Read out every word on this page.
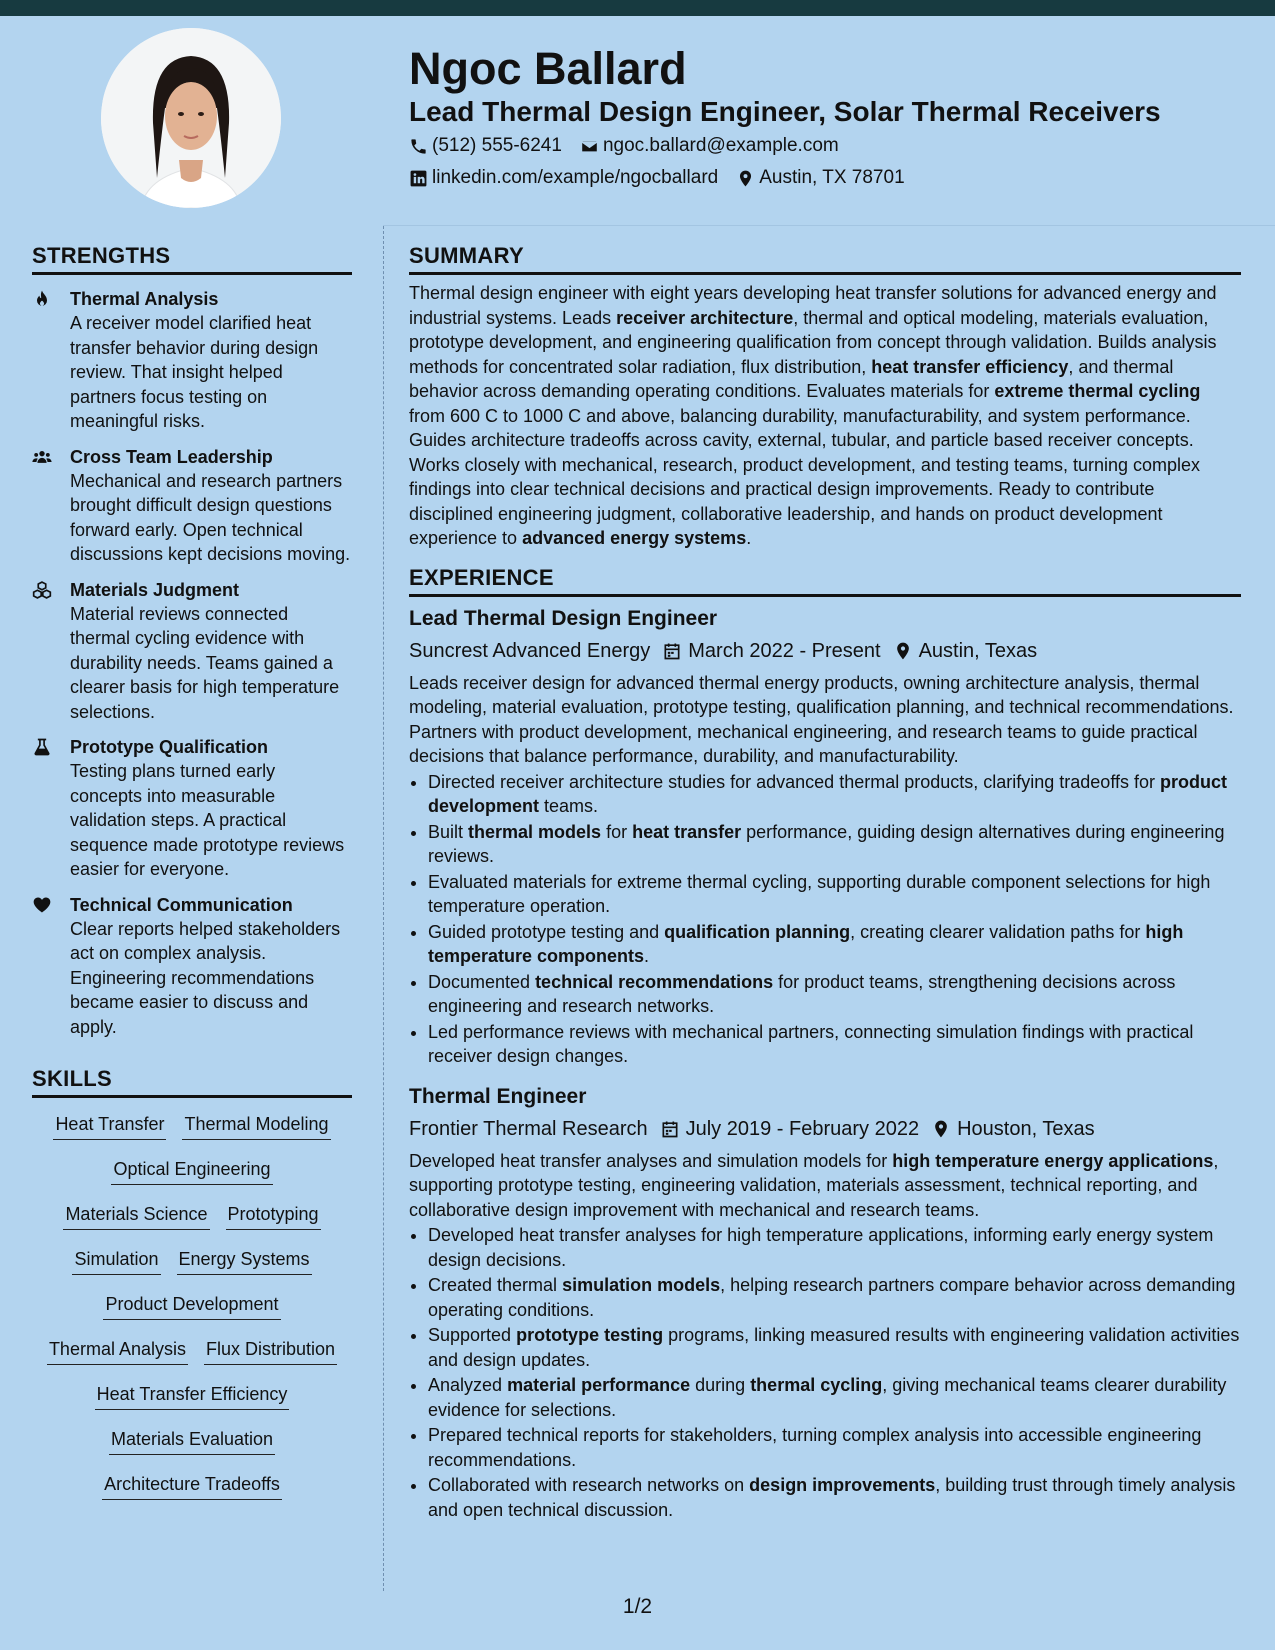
Ngoc Ballard
Lead Thermal Design Engineer, Solar Thermal Receivers
(512) 555-6241 ngoc.ballard@example.com
linkedin.com/example/ngocballard Austin, TX 78701
STRENGTHS
Thermal Analysis
A receiver model clarified heat transfer behavior during design review. That insight helped partners focus testing on meaningful risks.
Cross Team Leadership
Mechanical and research partners brought difficult design questions forward early. Open technical discussions kept decisions moving.
Materials Judgment
Material reviews connected thermal cycling evidence with durability needs. Teams gained a clearer basis for high temperature selections.
Prototype Qualification
Testing plans turned early concepts into measurable validation steps. A practical sequence made prototype reviews easier for everyone.
Technical Communication
Clear reports helped stakeholders act on complex analysis. Engineering recommendations became easier to discuss and apply.
SKILLS
Heat Transfer Thermal Modeling
Optical Engineering
Materials Science Prototyping
Simulation Energy Systems
Product Development
Thermal Analysis Flux Distribution
Heat Transfer Efficiency
Materials Evaluation
Architecture Tradeoffs
SUMMARY

Thermal design engineer with eight years developing heat transfer solutions for advanced energy and industrial systems. Leads receiver architecture, thermal and optical modeling, materials evaluation, prototype development, and engineering qualification from concept through validation. Builds analysis methods for concentrated solar radiation, flux distribution, heat transfer efficiency, and thermal behavior across demanding operating conditions. Evaluates materials for extreme thermal cycling from 600 C to 1000 C and above, balancing durability, manufacturability, and system performance. Guides architecture tradeoffs across cavity, external, tubular, and particle based receiver concepts. Works closely with mechanical, research, product development, and testing teams, turning complex findings into clear technical decisions and practical design improvements. Ready to contribute disciplined engineering judgment, collaborative leadership, and hands on product development experience to advanced energy systems.

EXPERIENCE
Lead Thermal Design Engineer
Suncrest Advanced Energy March 2022 - Present Austin, Texas

Leads receiver design for advanced thermal energy products, owning architecture analysis, thermal modeling, material evaluation, prototype testing, qualification planning, and technical recommendations. Partners with product development, mechanical engineering, and research teams to guide practical decisions that balance performance, durability, and manufacturability.

• Directed receiver architecture studies for advanced thermal products, clarifying tradeoffs for product development teams.
• Built thermal models for heat transfer performance, guiding design alternatives during engineering reviews.
• Evaluated materials for extreme thermal cycling, supporting durable component selections for high temperature operation.
• Guided prototype testing and qualification planning, creating clearer validation paths for high temperature components.
• Documented technical recommendations for product teams, strengthening decisions across engineering and research networks.
• Led performance reviews with mechanical partners, connecting simulation findings with practical receiver design changes.
Thermal Engineer
Frontier Thermal Research July 2019 - February 2022 Houston, Texas

Developed heat transfer analyses and simulation models for high temperature energy applications, supporting prototype testing, engineering validation, materials assessment, technical reporting, and collaborative design improvement with mechanical and research teams.

• Developed heat transfer analyses for high temperature applications, informing early energy system design decisions.
• Created thermal simulation models, helping research partners compare behavior across demanding operating conditions.
• Supported prototype testing programs, linking measured results with engineering validation activities and design updates.
• Analyzed material performance during thermal cycling, giving mechanical teams clearer durability evidence for selections.
• Prepared technical reports for stakeholders, turning complex analysis into accessible engineering recommendations.
• Collaborated with research networks on design improvements, building trust through timely analysis and open technical discussion.
1/2
